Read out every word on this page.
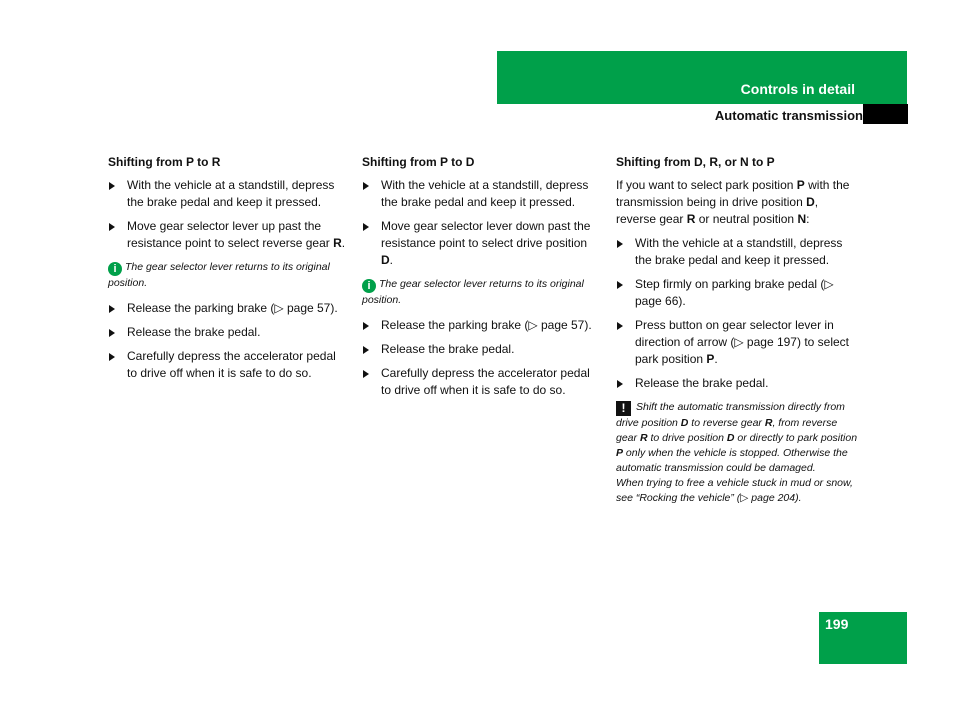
Controls in detail
Automatic transmission
Shifting from P to R
With the vehicle at a standstill, depress the brake pedal and keep it pressed.
Move gear selector lever up past the resistance point to select reverse gear R.
i The gear selector lever returns to its original position.
Release the parking brake (▷ page 57).
Release the brake pedal.
Carefully depress the accelerator pedal to drive off when it is safe to do so.
Shifting from P to D
With the vehicle at a standstill, depress the brake pedal and keep it pressed.
Move gear selector lever down past the resistance point to select drive position D.
i The gear selector lever returns to its original position.
Release the parking brake (▷ page 57).
Release the brake pedal.
Carefully depress the accelerator pedal to drive off when it is safe to do so.
Shifting from D, R, or N to P
If you want to select park position P with the transmission being in drive position D, reverse gear R or neutral position N:
With the vehicle at a standstill, depress the brake pedal and keep it pressed.
Step firmly on parking brake pedal (▷ page 66).
Press button on gear selector lever in direction of arrow (▷ page 197) to select park position P.
Release the brake pedal.
! Shift the automatic transmission directly from drive position D to reverse gear R, from reverse gear R to drive position D or directly to park position P only when the vehicle is stopped. Otherwise the automatic transmission could be damaged.
When trying to free a vehicle stuck in mud or snow, see “Rocking the vehicle” (▷ page 204).
199
